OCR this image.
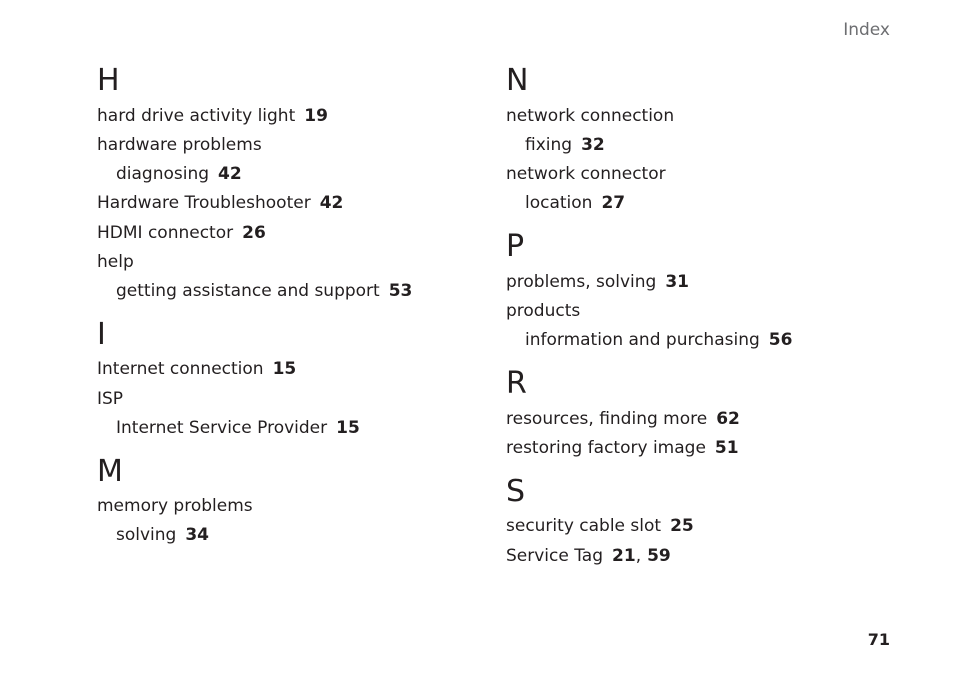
Index
H
hard drive activity light 19
hardware problems
diagnosing 42
Hardware Troubleshooter 42
HDMI connector 26
help
getting assistance and support 53
I
Internet connection 15
ISP
Internet Service Provider 15
M
memory problems
solving 34
N
network connection
fixing 32
network connector
location 27
P
problems, solving 31
products
information and purchasing 56
R
resources, finding more 62
restoring factory image 51
S
security cable slot 25
Service Tag 21, 59
71
